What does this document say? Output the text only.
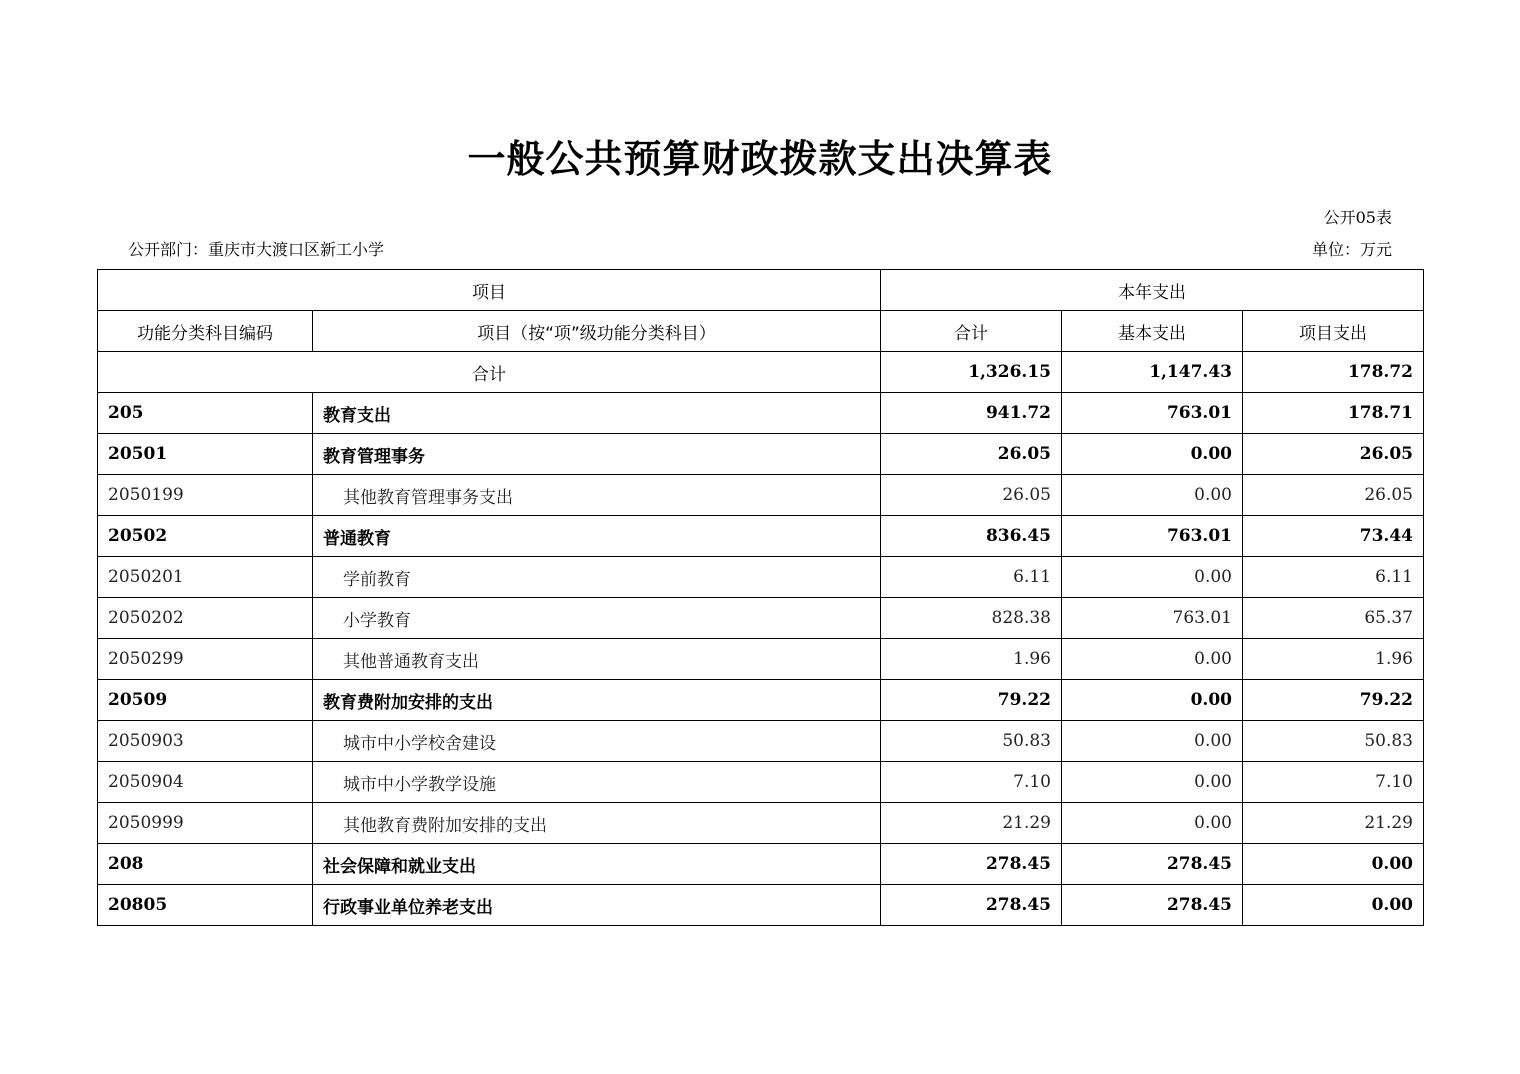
一般公共预算财政拨款支出决算表
公开05表
公开部门：重庆市大渡口区新工小学	单位：万元
项目		本年支出		
功能分类科目编码	项目（按“项”级功能分类科目）	合计	基本支出	项目支出
合计		1,326.15	1,147.43	178.72
205	教育支出	941.72	763.01	178.71
20501	教育管理事务	26.05	0.00	26.05
2050199	其他教育管理事务支出	26.05	0.00	26.05
20502	普通教育	836.45	763.01	73.44
2050201	学前教育	6.11	0.00	6.11
2050202	小学教育	828.38	763.01	65.37
2050299	其他普通教育支出	1.96	0.00	1.96
20509	教育费附加安排的支出	79.22	0.00	79.22
2050903	城市中小学校舍建设	50.83	0.00	50.83
2050904	城市中小学教学设施	7.10	0.00	7.10
2050999	其他教育费附加安排的支出	21.29	0.00	21.29
208	社会保障和就业支出	278.45	278.45	0.00
20805	行政事业单位养老支出	278.45	278.45	0.00
